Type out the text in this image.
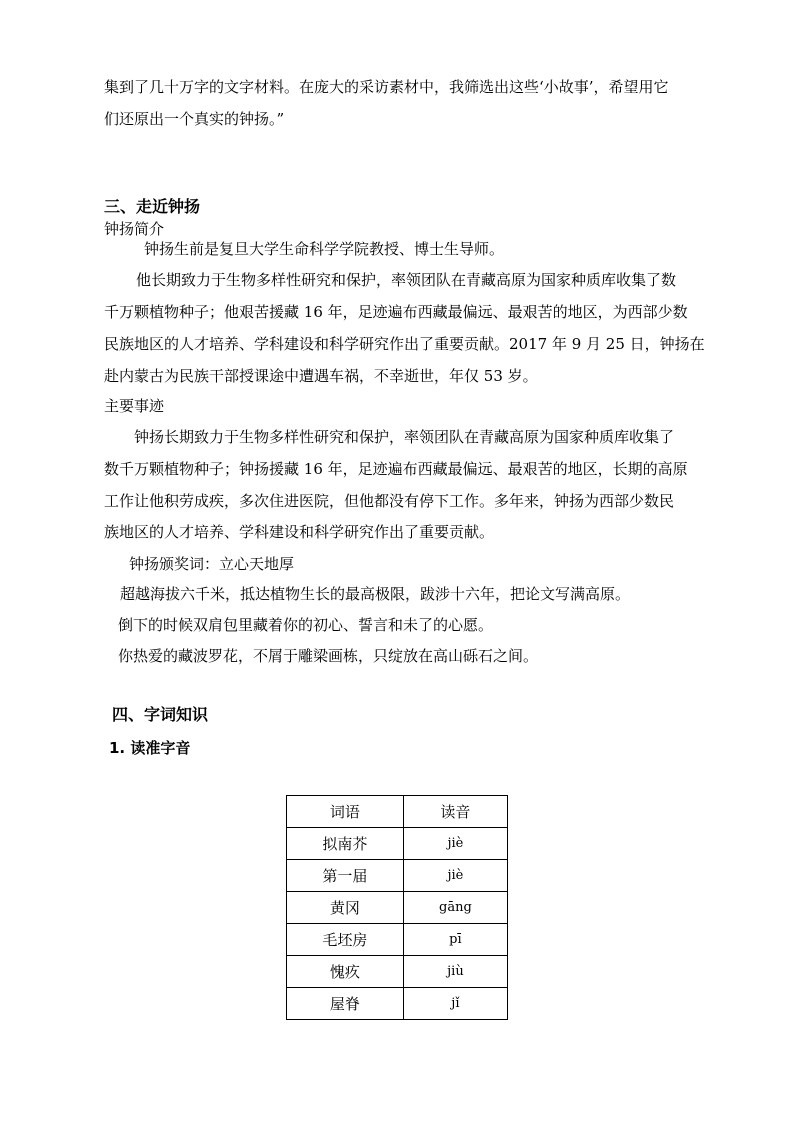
集到了几十万字的文字材料。在庞大的采访素材中，我筛选出这些‘小故事’，希望用它
们还原出一个真实的钟扬。”
三、走近钟扬
钟扬简介
钟扬生前是复旦大学生命科学学院教授、博士生导师。
他长期致力于生物多样性研究和保护，率领团队在青藏高原为国家种质库收集了数
千万颗植物种子；他艰苦援藏 16 年，足迹遍布西藏最偏远、最艰苦的地区，为西部少数
民族地区的人才培养、学科建设和科学研究作出了重要贡献。2017 年 9 月 25 日，钟扬在
赴内蒙古为民族干部授课途中遭遇车祸，不幸逝世，年仅 53 岁。
主要事迹
钟扬长期致力于生物多样性研究和保护，率领团队在青藏高原为国家种质库收集了
数千万颗植物种子；钟扬援藏 16 年，足迹遍布西藏最偏远、最艰苦的地区，长期的高原
工作让他积劳成疾，多次住进医院，但他都没有停下工作。多年来，钟扬为西部少数民
族地区的人才培养、学科建设和科学研究作出了重要贡献。
钟扬颁奖词：立心天地厚
超越海拔六千米，抵达植物生长的最高极限，跋涉十六年，把论文写满高原。
倒下的时候双肩包里藏着你的初心、誓言和未了的心愿。
你热爱的藏波罗花，不屑于雕梁画栋，只绽放在高山砾石之间。
四、字词知识
1. 读准字音
词语	读音
拟南芥	jiè
第一届	jiè
黄冈	gāng
毛坯房	pī
愧疚	jiù
屋脊	jǐ
